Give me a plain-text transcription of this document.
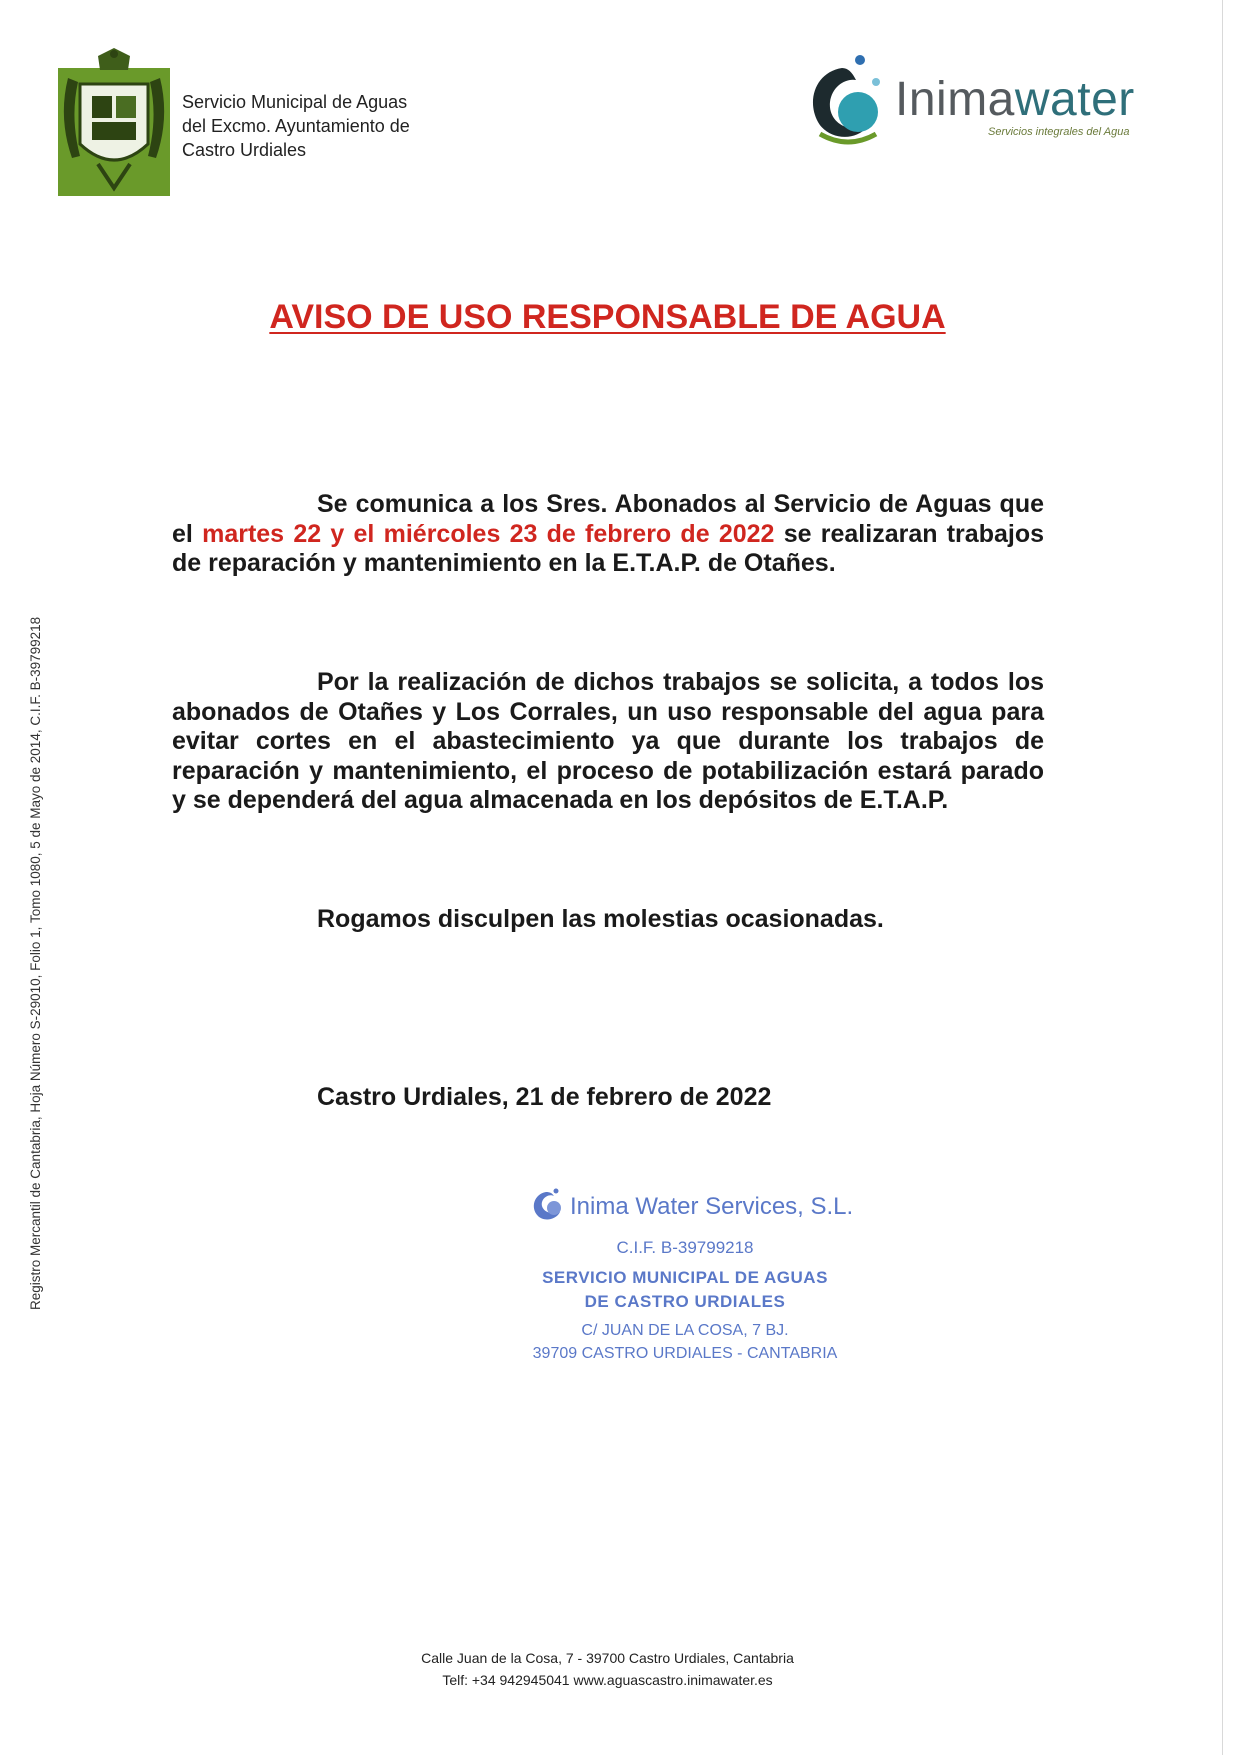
Servicio Municipal de Aguas
del Excmo. Ayuntamiento de
Castro Urdiales
Inimawater
Servicios integrales del Agua
AVISO DE USO RESPONSABLE DE AGUA
Registro Mercantil de Cantabria, Hoja Número S-29010, Folio 1, Tomo 1080, 5 de Mayo de 2014, C.I.F. B-39799218
Se comunica a los Sres. Abonados al Servicio de Aguas que el martes 22 y el miércoles 23 de febrero de 2022 se realizaran trabajos de reparación y mantenimiento en la E.T.A.P. de Otañes.
Por la realización de dichos trabajos se solicita, a todos los abonados de Otañes y Los Corrales, un uso responsable del agua para evitar cortes en el abastecimiento ya que durante los trabajos de reparación y mantenimiento, el proceso de potabilización estará parado y se dependerá del agua almacenada en los depósitos de E.T.A.P.
Rogamos disculpen las molestias ocasionadas.
Castro Urdiales, 21 de febrero de 2022
Inima Water Services, S.L.
C.I.F. B-39799218
SERVICIO MUNICIPAL DE AGUAS
DE CASTRO URDIALES
C/ JUAN DE LA COSA, 7 BJ.
39709 CASTRO URDIALES - CANTABRIA
Calle Juan de la Cosa, 7 - 39700 Castro Urdiales, Cantabria
Telf: +34 942945041 www.aguascastro.inimawater.es
